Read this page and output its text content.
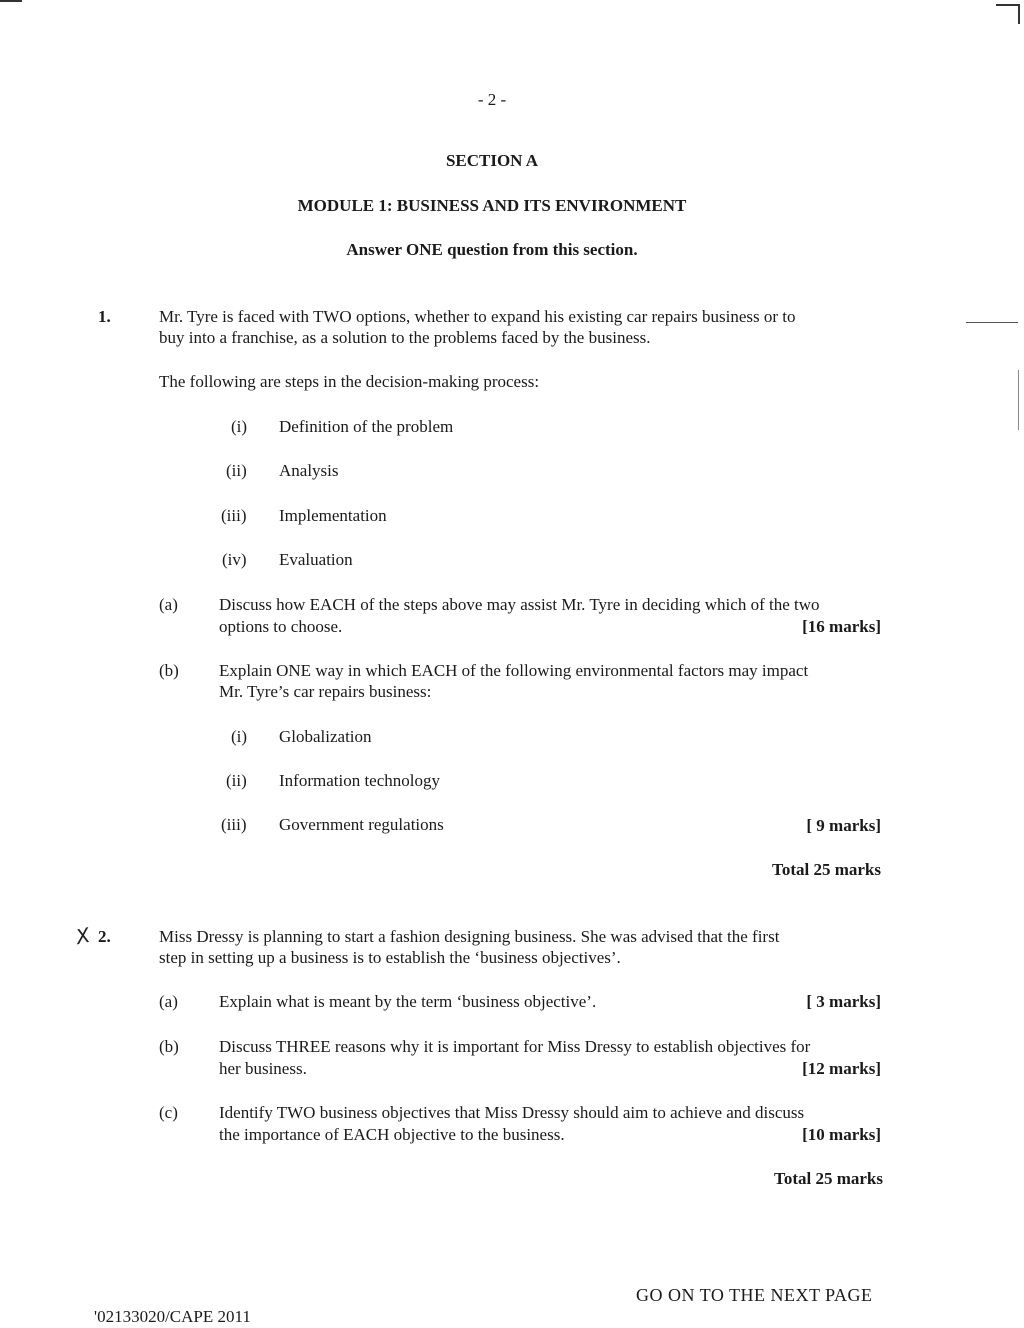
- 2 -
SECTION A
MODULE 1: BUSINESS AND ITS ENVIRONMENT
Answer ONE question from this section.
1.	Mr. Tyre is faced with TWO options, whether to expand his existing car repairs business or to
buy into a franchise, as a solution to the problems faced by the business.
The following are steps in the decision-making process:
(i) Definition of the problem
(ii) Analysis
(iii) Implementation
(iv) Evaluation
(a) Discuss how EACH of the steps above may assist Mr. Tyre in deciding which of the two
options to choose.	[16 marks]
(b) Explain ONE way in which EACH of the following environmental factors may impact
Mr. Tyre’s car repairs business:
(i) Globalization
(ii) Information technology
(iii) Government regulations	[ 9 marks]
Total 25 marks
X 2.	Miss Dressy is planning to start a fashion designing business. She was advised that the first
step in setting up a business is to establish the ‘business objectives’.
(a) Explain what is meant by the term ‘business objective’.	[ 3 marks]
(b) Discuss THREE reasons why it is important for Miss Dressy to establish objectives for
her business.	[12 marks]
(c) Identify TWO business objectives that Miss Dressy should aim to achieve and discuss
the importance of EACH objective to the business.	[10 marks]
Total 25 marks
GO ON TO THE NEXT PAGE
'02133020/CAPE 2011
